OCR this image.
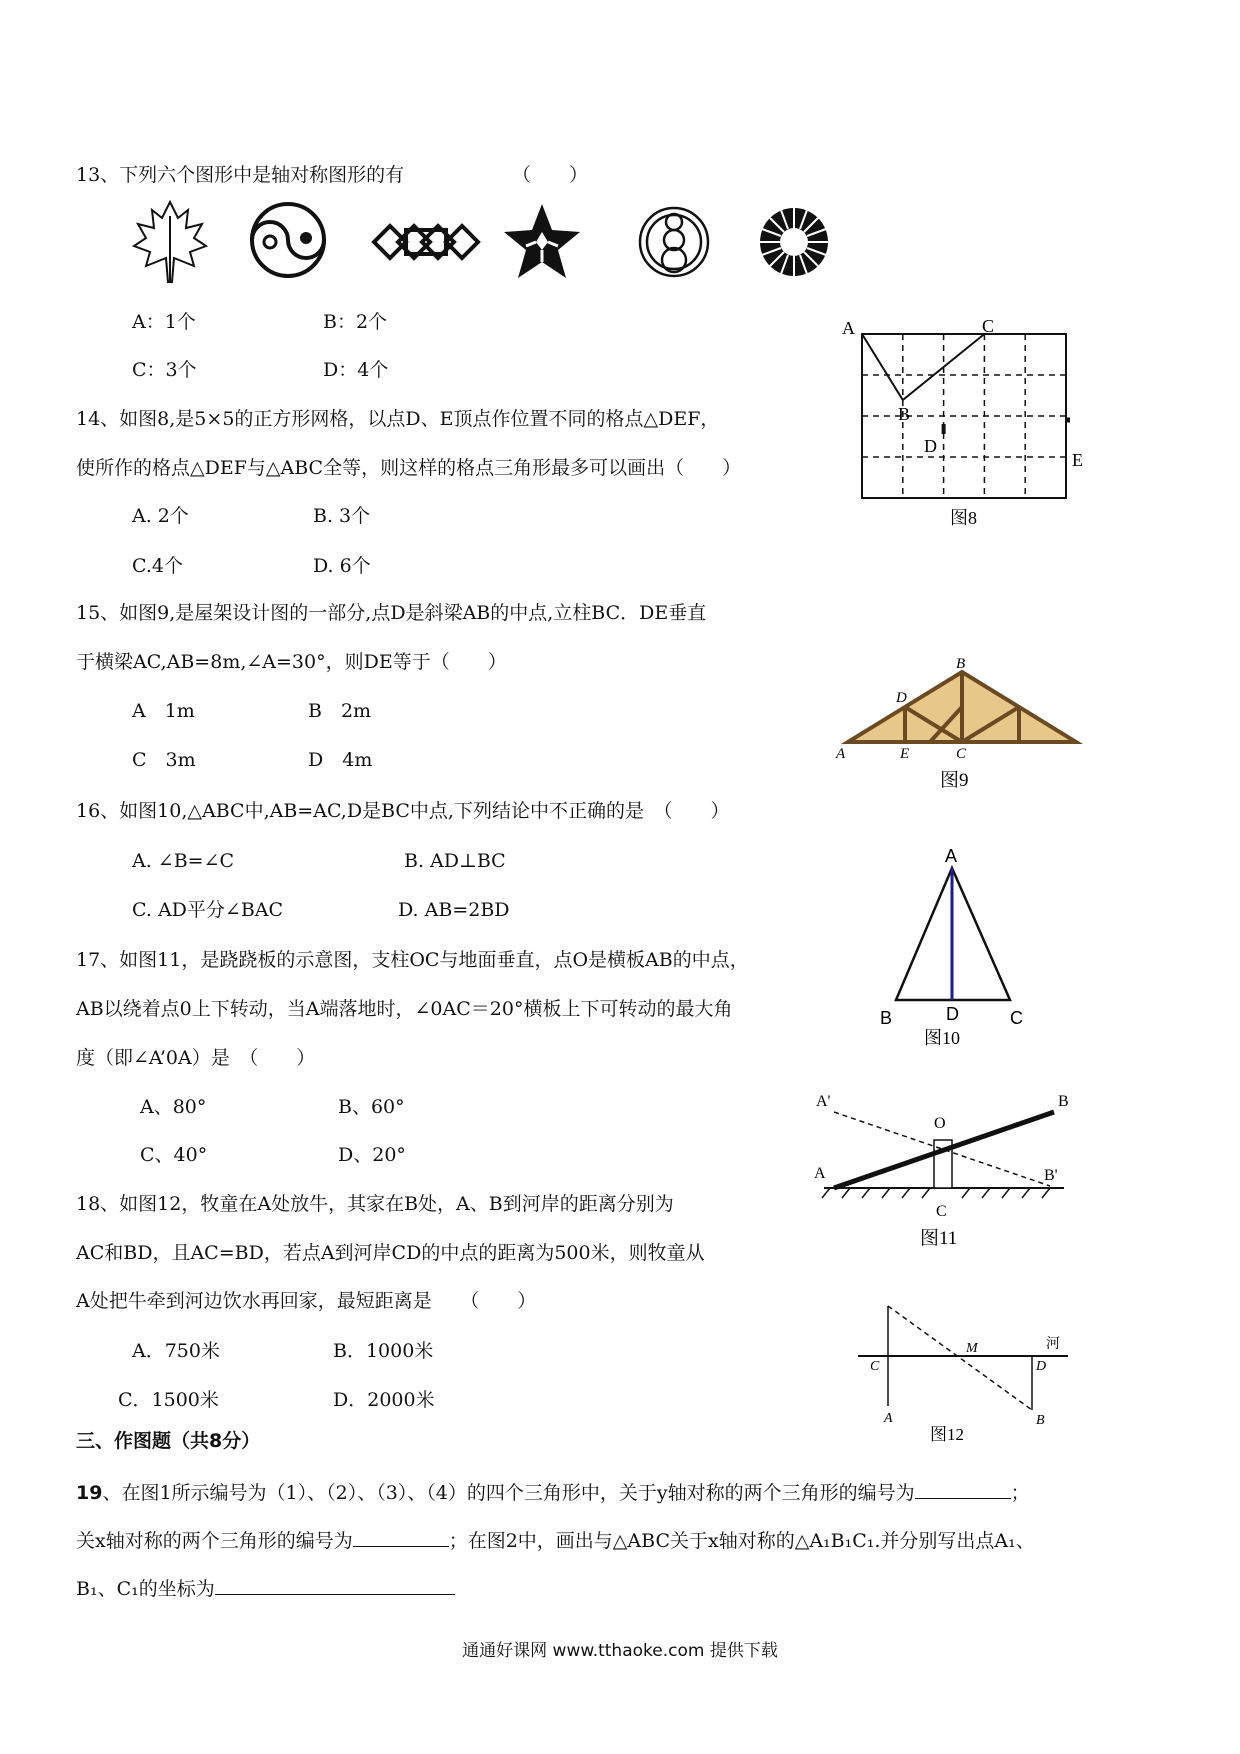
13、下列六个图形中是轴对称图形的有	（　　）
A：1个	B：2个
C：3个	D：4个
A	C
B
D
E
图8
14、如图8,是5×5的正方形网格，以点D、E顶点作位置不同的格点△DEF，
使所作的格点△DEF与△ABC全等，则这样的格点三角形最多可以画出（　　）
A. 2个	B. 3个
C.4个	D. 6个
15、如图9,是屋架设计图的一部分,点D是斜梁AB的中点,立柱BC．DE垂直
于横梁AC,AB=8m,∠A=30°，则DE等于（　　）
A　1m	B　2m
C　3m	D　4m
B
D
A	E	C
图9
16、如图10,△ABC中,AB=AC,D是BC中点,下列结论中不正确的是　（　　）
A. ∠B=∠C	B. AD⊥BC
C. AD平分∠BAC	D. AB=2BD
A
B	D	C
图10
17、如图11，是跷跷板的示意图，支柱OC与地面垂直，点O是横板AB的中点，
AB以绕着点0上下转动，当A端落地时，∠0AC＝20°横板上下可转动的最大角
度（即∠A’0A）是　（　　）
A、80°	B、60°
C、40°	D、20°
A'	B
O
A	B'
C
图11
18、如图12，牧童在A处放牛，其家在B处，A、B到河岸的距离分别为
AC和BD，且AC=BD，若点A到河岸CD的中点的距离为500米，则牧童从
A处把牛牵到河边饮水再回家，最短距离是　　（　　）
A．750米	B．1000米
C．1500米	D．2000米
C
M	河
D
A	B
图12
三、作图题（共8分）
19、在图1所示编号为（1）、（2）、（3）、（4）的四个三角形中，关于y轴对称的两个三角形的编号为	；
关x轴对称的两个三角形的编号为	；在图2中，画出与△ABC关于x轴对称的△A₁B₁C₁.并分别写出点A₁、
B₁、C₁的坐标为
通通好课网 www.tthaoke.com 提供下载
